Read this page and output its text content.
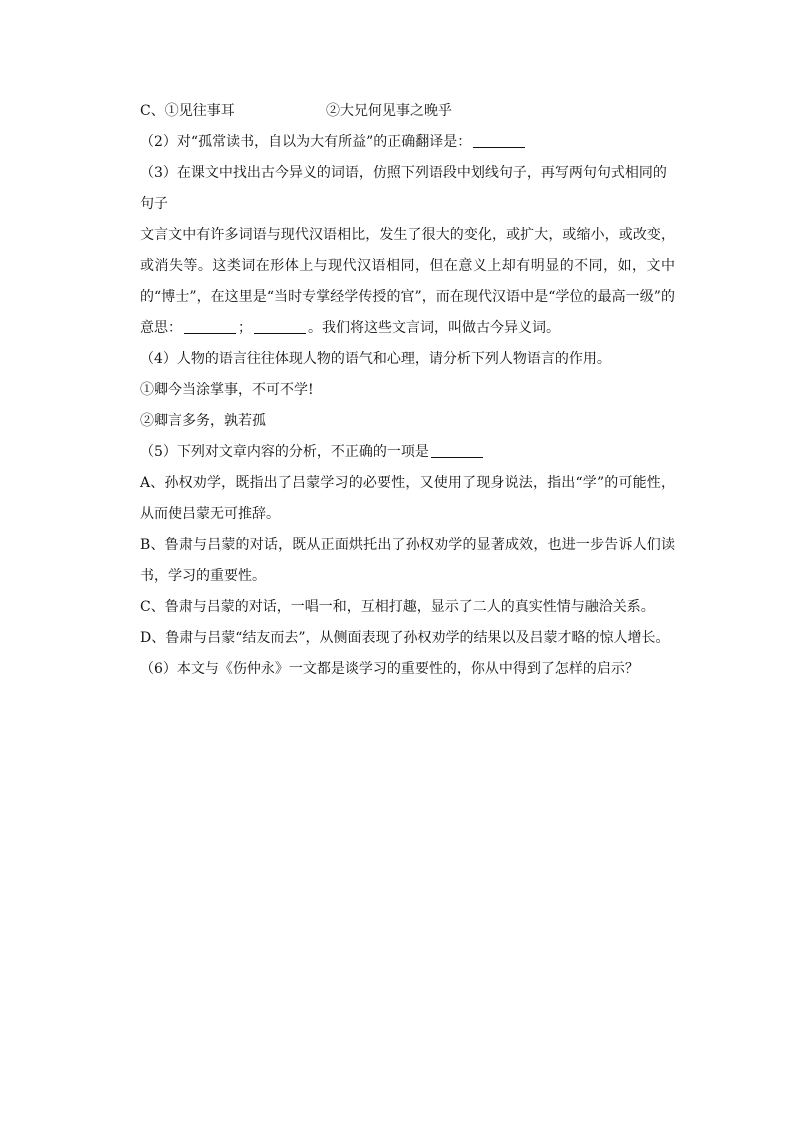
C、①见往事耳	②大兄何见事之晚乎
（2）对“孤常读书，自以为大有所益”的正确翻译是：
（3）在课文中找出古今异义的词语，仿照下列语段中划线句子，再写两句句式相同的句子
文言文中有许多词语与现代汉语相比，发生了很大的变化，或扩大，或缩小，或改变，或消失等。这类词在形体上与现代汉语相同，但在意义上却有明显的不同，如，文中的“博士”，在这里是“当时专掌经学传授的官”，而在现代汉语中是“学位的最高一级”的意思：	；	。我们将这些文言词，叫做古今异义词。
（4）人物的语言往往体现人物的语气和心理，请分析下列人物语言的作用。
①卿今当涂掌事，不可不学!
②卿言多务，孰若孤
（5）下列对文章内容的分析，不正确的一项是
A、孙权劝学，既指出了吕蒙学习的必要性，又使用了现身说法，指出“学”的可能性，从而使吕蒙无可推辞。
B、鲁肃与吕蒙的对话，既从正面烘托出了孙权劝学的显著成效，也进一步告诉人们读书，学习的重要性。
C、鲁肃与吕蒙的对话，一唱一和，互相打趣，显示了二人的真实性情与融洽关系。
D、鲁肃与吕蒙“结友而去”，从侧面表现了孙权劝学的结果以及吕蒙才略的惊人增长。
（6）本文与《伤仲永》一文都是谈学习的重要性的，你从中得到了怎样的启示？
